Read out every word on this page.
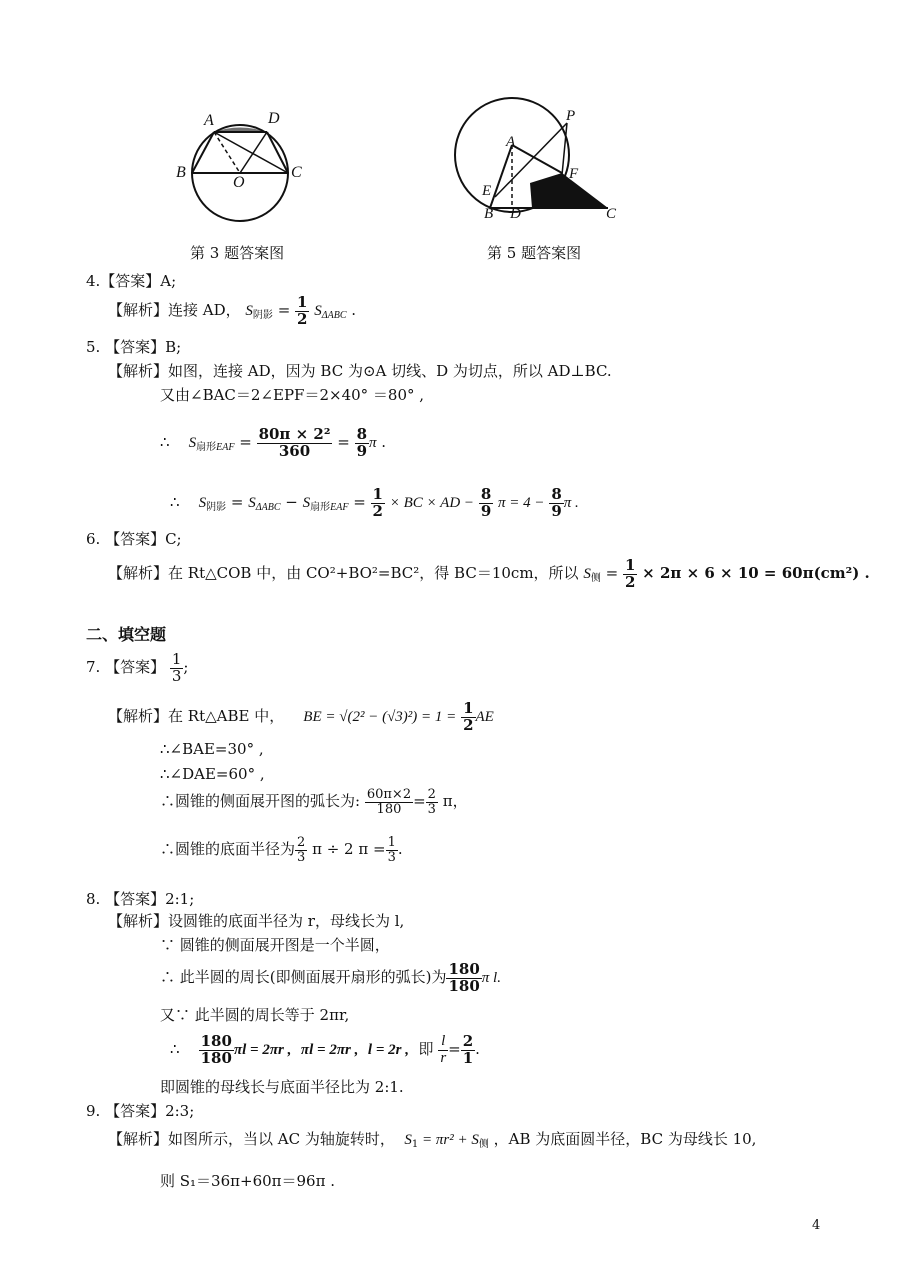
A	D
B
O
C
第 3 题答案图
P
A
F
E
B D	C
第 5 题答案图
4.【答案】A;
【解析】连接 AD， $S_{阴影} = \frac{1}{2} S_{\Delta ABC}$ .
5. 【答案】B;
【解析】如图，连接 AD，因为 BC 为⊙A 切线、D 为切点，所以 AD⊥BC.
又由∠BAC＝2∠EPF＝2×40° ＝80° ,
∴ $S_{扇形EAF} = \frac{\text{80π × 2²}}{360} = \frac{8}{9}$ π .
∴ $S_{阴影} = S_{\Delta ABC} - S_{扇形EAF} = \frac{1}{2}$ × BC × AD − $\frac{8}{9}$ $\pi = 4 - \frac{8}{9}$ π .
6. 【答案】C;
【解析】在 Rt△COB 中，由 CO²+BO²=BC²，得 BC＝10cm，所以 $S_侧 = \frac{1}{2} \times 2\pi \times 6 \times 10 = 60\pi(cm^2)$ .
二、填空题
7. 【答案】 $\frac{1}{3}$ ;
【解析】在 Rt△ABE 中， BE = $√(2^2 - (√3)^2) = 1 = \frac{1}{2}$ AE
∴∠BAE=30° ,
∴∠DAE=60° ,
∴圆锥的侧面展开图的弧长为: $\frac{60\pi\times 2}{180} = \frac{2}{3}$ π，
∴圆锥的底面半径为 $\frac{2}{3}$ π ÷ 2 $\pi = \frac{1}{3}$ .
8. 【答案】2:1;
【解析】设圆锥的底面半径为 r，母线长为 l,
∵ 圆锥的侧面展开图是一个半圆，
∴ 此半圆的周长(即侧面展开扇形的弧长)为 $\frac{180}{180}$ π l.
又∵ 此半圆的周长等于 2πr,
∴ $\frac{180}{180}$ πl = 2πr , πl = 2πr , l = 2r , 即 $\frac{l}{r} = \frac{2}{1}$ .
即圆锥的母线长与底面半径比为 2:1.
9. 【答案】2:3;
【解析】如图所示，当以 AC 为轴旋转时， $S_1 = \pi r^2 + S_侧$ ，AB 为底面圆半径，BC 为母线长 10,
则 S₁＝36π+60π＝96π .
4
